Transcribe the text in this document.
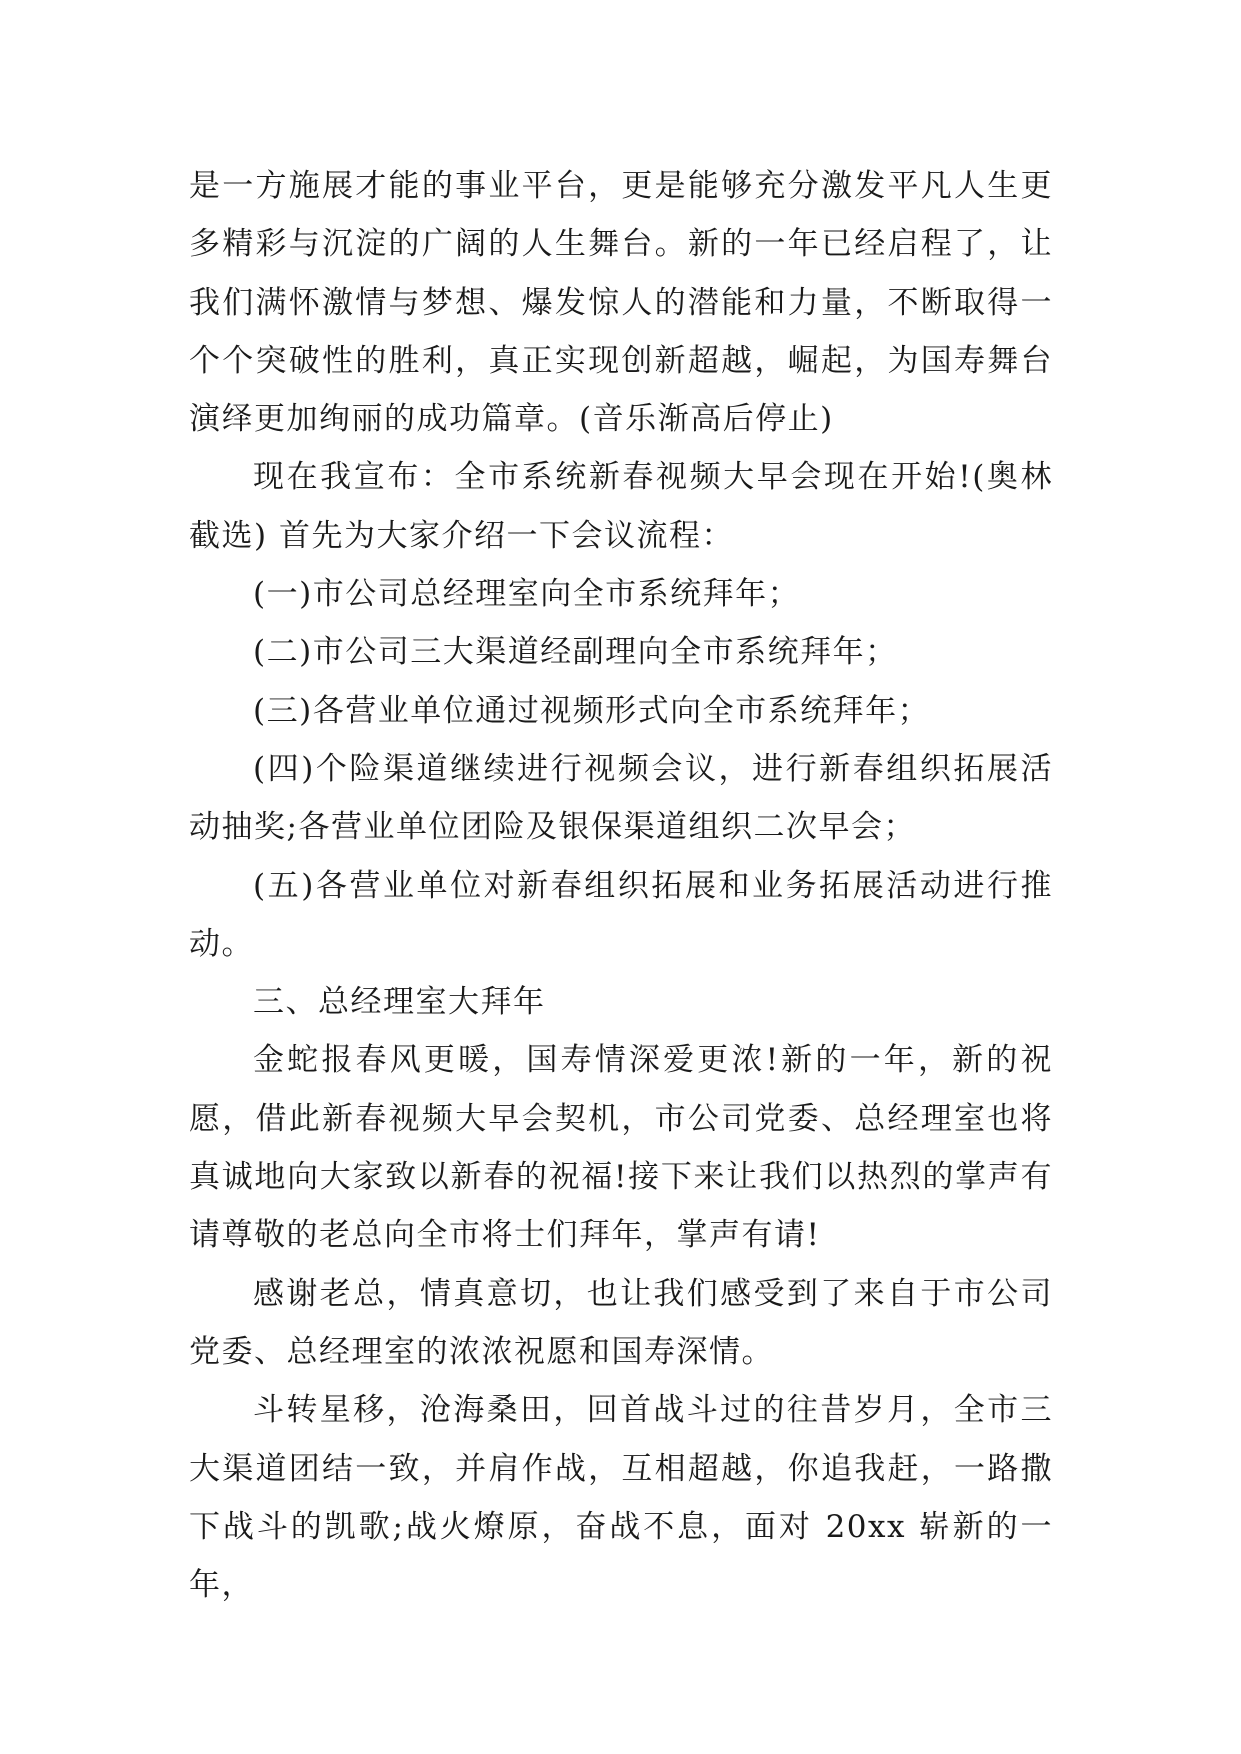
是一方施展才能的事业平台，更是能够充分激发平凡人生更多精彩与沉淀的广阔的人生舞台。新的一年已经启程了，让我们满怀激情与梦想、爆发惊人的潜能和力量，不断取得一个个突破性的胜利，真正实现创新超越，崛起，为国寿舞台演绎更加绚丽的成功篇章。(音乐渐高后停止)

现在我宣布：全市系统新春视频大早会现在开始!(奥林截选) 首先为大家介绍一下会议流程：

(一)市公司总经理室向全市系统拜年；

(二)市公司三大渠道经副理向全市系统拜年；

(三)各营业单位通过视频形式向全市系统拜年；

(四)个险渠道继续进行视频会议，进行新春组织拓展活动抽奖;各营业单位团险及银保渠道组织二次早会；

(五)各营业单位对新春组织拓展和业务拓展活动进行推动。

三、总经理室大拜年

金蛇报春风更暖，国寿情深爱更浓!新的一年，新的祝愿，借此新春视频大早会契机，市公司党委、总经理室也将真诚地向大家致以新春的祝福!接下来让我们以热烈的掌声有请尊敬的老总向全市将士们拜年，掌声有请!

感谢老总，情真意切，也让我们感受到了来自于市公司党委、总经理室的浓浓祝愿和国寿深情。

斗转星移，沧海桑田，回首战斗过的往昔岁月，全市三大渠道团结一致，并肩作战，互相超越，你追我赶，一路撒下战斗的凯歌;战火燎原，奋战不息，面对 20xx 崭新的一年，
